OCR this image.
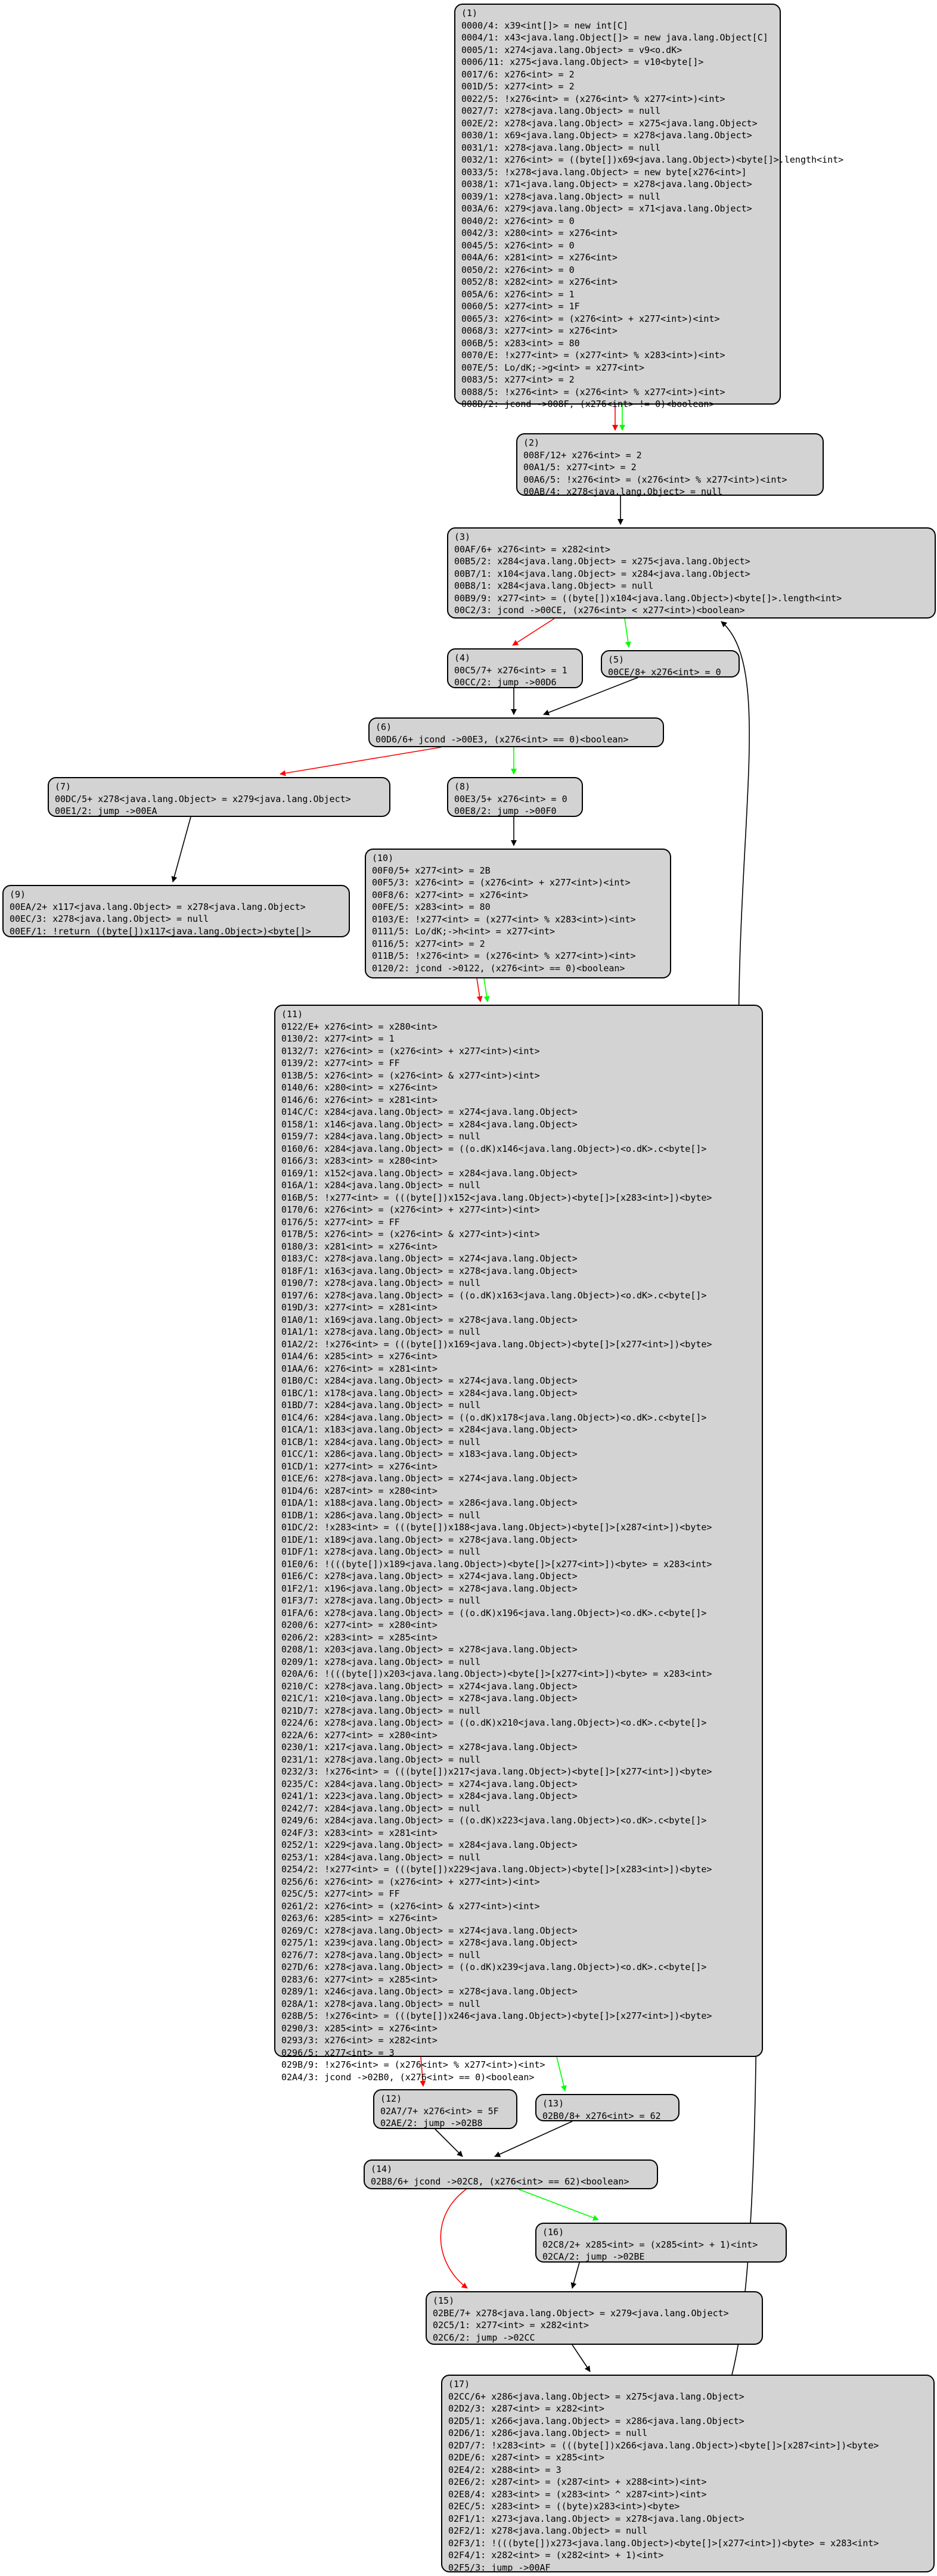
(1)
0000/4: x39<int[]> = new int[C]
0004/1: x43<java.lang.Object[]> = new java.lang.Object[C]
0005/1: x274<java.lang.Object> = v9<o.dK>
0006/11: x275<java.lang.Object> = v10<byte[]>
0017/6: x276<int> = 2
001D/5: x277<int> = 2
0022/5: !x276<int> = (x276<int> % x277<int>)<int>
0027/7: x278<java.lang.Object> = null
002E/2: x278<java.lang.Object> = x275<java.lang.Object>
0030/1: x69<java.lang.Object> = x278<java.lang.Object>
0031/1: x278<java.lang.Object> = null
0032/1: x276<int> = ((byte[])x69<java.lang.Object>)<byte[]>.length<int>
0033/5: !x278<java.lang.Object> = new byte[x276<int>]
0038/1: x71<java.lang.Object> = x278<java.lang.Object>
0039/1: x278<java.lang.Object> = null
003A/6: x279<java.lang.Object> = x71<java.lang.Object>
0040/2: x276<int> = 0
0042/3: x280<int> = x276<int>
0045/5: x276<int> = 0
004A/6: x281<int> = x276<int>
0050/2: x276<int> = 0
0052/8: x282<int> = x276<int>
005A/6: x276<int> = 1
0060/5: x277<int> = 1F
0065/3: x276<int> = (x276<int> + x277<int>)<int>
0068/3: x277<int> = x276<int>
006B/5: x283<int> = 80
0070/E: !x277<int> = (x277<int> % x283<int>)<int>
007E/5: Lo/dK;->g<int> = x277<int>
0083/5: x277<int> = 2
0088/5: !x276<int> = (x276<int> % x277<int>)<int>
008D/2: jcond ->008F, (x276<int> != 0)<boolean>
(2)
008F/12+ x276<int> = 2
00A1/5: x277<int> = 2
00A6/5: !x276<int> = (x276<int> % x277<int>)<int>
00AB/4: x278<java.lang.Object> = null
(3)
00AF/6+ x276<int> = x282<int>
00B5/2: x284<java.lang.Object> = x275<java.lang.Object>
00B7/1: x104<java.lang.Object> = x284<java.lang.Object>
00B8/1: x284<java.lang.Object> = null
00B9/9: x277<int> = ((byte[])x104<java.lang.Object>)<byte[]>.length<int>
00C2/3: jcond ->00CE, (x276<int> < x277<int>)<boolean>
(4)
00C5/7+ x276<int> = 1
00CC/2: jump ->00D6
(5)
00CE/8+ x276<int> = 0
(6)
00D6/6+ jcond ->00E3, (x276<int> == 0)<boolean>
(7)
00DC/5+ x278<java.lang.Object> = x279<java.lang.Object>
00E1/2: jump ->00EA
(8)
00E3/5+ x276<int> = 0
00E8/2: jump ->00F0
(9)
00EA/2+ x117<java.lang.Object> = x278<java.lang.Object>
00EC/3: x278<java.lang.Object> = null
00EF/1: !return ((byte[])x117<java.lang.Object>)<byte[]>
(10)
00F0/5+ x277<int> = 2B
00F5/3: x276<int> = (x276<int> + x277<int>)<int>
00F8/6: x277<int> = x276<int>
00FE/5: x283<int> = 80
0103/E: !x277<int> = (x277<int> % x283<int>)<int>
0111/5: Lo/dK;->h<int> = x277<int>
0116/5: x277<int> = 2
011B/5: !x276<int> = (x276<int> % x277<int>)<int>
0120/2: jcond ->0122, (x276<int> == 0)<boolean>
(11)
0122/E+ x276<int> = x280<int>
0130/2: x277<int> = 1
0132/7: x276<int> = (x276<int> + x277<int>)<int>
0139/2: x277<int> = FF
013B/5: x276<int> = (x276<int> & x277<int>)<int>
0140/6: x280<int> = x276<int>
0146/6: x276<int> = x281<int>
014C/C: x284<java.lang.Object> = x274<java.lang.Object>
0158/1: x146<java.lang.Object> = x284<java.lang.Object>
0159/7: x284<java.lang.Object> = null
0160/6: x284<java.lang.Object> = ((o.dK)x146<java.lang.Object>)<o.dK>.c<byte[]>
0166/3: x283<int> = x280<int>
0169/1: x152<java.lang.Object> = x284<java.lang.Object>
016A/1: x284<java.lang.Object> = null
016B/5: !x277<int> = (((byte[])x152<java.lang.Object>)<byte[]>[x283<int>])<byte>
0170/6: x276<int> = (x276<int> + x277<int>)<int>
0176/5: x277<int> = FF
017B/5: x276<int> = (x276<int> & x277<int>)<int>
0180/3: x281<int> = x276<int>
0183/C: x278<java.lang.Object> = x274<java.lang.Object>
018F/1: x163<java.lang.Object> = x278<java.lang.Object>
0190/7: x278<java.lang.Object> = null
0197/6: x278<java.lang.Object> = ((o.dK)x163<java.lang.Object>)<o.dK>.c<byte[]>
019D/3: x277<int> = x281<int>
01A0/1: x169<java.lang.Object> = x278<java.lang.Object>
01A1/1: x278<java.lang.Object> = null
01A2/2: !x276<int> = (((byte[])x169<java.lang.Object>)<byte[]>[x277<int>])<byte>
01A4/6: x285<int> = x276<int>
01AA/6: x276<int> = x281<int>
01B0/C: x284<java.lang.Object> = x274<java.lang.Object>
01BC/1: x178<java.lang.Object> = x284<java.lang.Object>
01BD/7: x284<java.lang.Object> = null
01C4/6: x284<java.lang.Object> = ((o.dK)x178<java.lang.Object>)<o.dK>.c<byte[]>
01CA/1: x183<java.lang.Object> = x284<java.lang.Object>
01CB/1: x284<java.lang.Object> = null
01CC/1: x286<java.lang.Object> = x183<java.lang.Object>
01CD/1: x277<int> = x276<int>
01CE/6: x278<java.lang.Object> = x274<java.lang.Object>
01D4/6: x287<int> = x280<int>
01DA/1: x188<java.lang.Object> = x286<java.lang.Object>
01DB/1: x286<java.lang.Object> = null
01DC/2: !x283<int> = (((byte[])x188<java.lang.Object>)<byte[]>[x287<int>])<byte>
01DE/1: x189<java.lang.Object> = x278<java.lang.Object>
01DF/1: x278<java.lang.Object> = null
01E0/6: !(((byte[])x189<java.lang.Object>)<byte[]>[x277<int>])<byte> = x283<int>
01E6/C: x278<java.lang.Object> = x274<java.lang.Object>
01F2/1: x196<java.lang.Object> = x278<java.lang.Object>
01F3/7: x278<java.lang.Object> = null
01FA/6: x278<java.lang.Object> = ((o.dK)x196<java.lang.Object>)<o.dK>.c<byte[]>
0200/6: x277<int> = x280<int>
0206/2: x283<int> = x285<int>
0208/1: x203<java.lang.Object> = x278<java.lang.Object>
0209/1: x278<java.lang.Object> = null
020A/6: !(((byte[])x203<java.lang.Object>)<byte[]>[x277<int>])<byte> = x283<int>
0210/C: x278<java.lang.Object> = x274<java.lang.Object>
021C/1: x210<java.lang.Object> = x278<java.lang.Object>
021D/7: x278<java.lang.Object> = null
0224/6: x278<java.lang.Object> = ((o.dK)x210<java.lang.Object>)<o.dK>.c<byte[]>
022A/6: x277<int> = x280<int>
0230/1: x217<java.lang.Object> = x278<java.lang.Object>
0231/1: x278<java.lang.Object> = null
0232/3: !x276<int> = (((byte[])x217<java.lang.Object>)<byte[]>[x277<int>])<byte>
0235/C: x284<java.lang.Object> = x274<java.lang.Object>
0241/1: x223<java.lang.Object> = x284<java.lang.Object>
0242/7: x284<java.lang.Object> = null
0249/6: x284<java.lang.Object> = ((o.dK)x223<java.lang.Object>)<o.dK>.c<byte[]>
024F/3: x283<int> = x281<int>
0252/1: x229<java.lang.Object> = x284<java.lang.Object>
0253/1: x284<java.lang.Object> = null
0254/2: !x277<int> = (((byte[])x229<java.lang.Object>)<byte[]>[x283<int>])<byte>
0256/6: x276<int> = (x276<int> + x277<int>)<int>
025C/5: x277<int> = FF
0261/2: x276<int> = (x276<int> & x277<int>)<int>
0263/6: x285<int> = x276<int>
0269/C: x278<java.lang.Object> = x274<java.lang.Object>
0275/1: x239<java.lang.Object> = x278<java.lang.Object>
0276/7: x278<java.lang.Object> = null
027D/6: x278<java.lang.Object> = ((o.dK)x239<java.lang.Object>)<o.dK>.c<byte[]>
0283/6: x277<int> = x285<int>
0289/1: x246<java.lang.Object> = x278<java.lang.Object>
028A/1: x278<java.lang.Object> = null
028B/5: !x276<int> = (((byte[])x246<java.lang.Object>)<byte[]>[x277<int>])<byte>
0290/3: x285<int> = x276<int>
0293/3: x276<int> = x282<int>
0296/5: x277<int> = 3
029B/9: !x276<int> = (x276<int> % x277<int>)<int>
02A4/3: jcond ->02B0, (x276<int> == 0)<boolean>
(12)
02A7/7+ x276<int> = 5F
02AE/2: jump ->02B8
(13)
02B0/8+ x276<int> = 62
(14)
02B8/6+ jcond ->02C8, (x276<int> == 62)<boolean>
(15)
02BE/7+ x278<java.lang.Object> = x279<java.lang.Object>
02C5/1: x277<int> = x282<int>
02C6/2: jump ->02CC
(16)
02C8/2+ x285<int> = (x285<int> + 1)<int>
02CA/2: jump ->02BE
(17)
02CC/6+ x286<java.lang.Object> = x275<java.lang.Object>
02D2/3: x287<int> = x282<int>
02D5/1: x266<java.lang.Object> = x286<java.lang.Object>
02D6/1: x286<java.lang.Object> = null
02D7/7: !x283<int> = (((byte[])x266<java.lang.Object>)<byte[]>[x287<int>])<byte>
02DE/6: x287<int> = x285<int>
02E4/2: x288<int> = 3
02E6/2: x287<int> = (x287<int> + x288<int>)<int>
02E8/4: x283<int> = (x283<int> ^ x287<int>)<int>
02EC/5: x283<int> = ((byte)x283<int>)<byte>
02F1/1: x273<java.lang.Object> = x278<java.lang.Object>
02F2/1: x278<java.lang.Object> = null
02F3/1: !(((byte[])x273<java.lang.Object>)<byte[]>[x277<int>])<byte> = x283<int>
02F4/1: x282<int> = (x282<int> + 1)<int>
02F5/3: jump ->00AF
